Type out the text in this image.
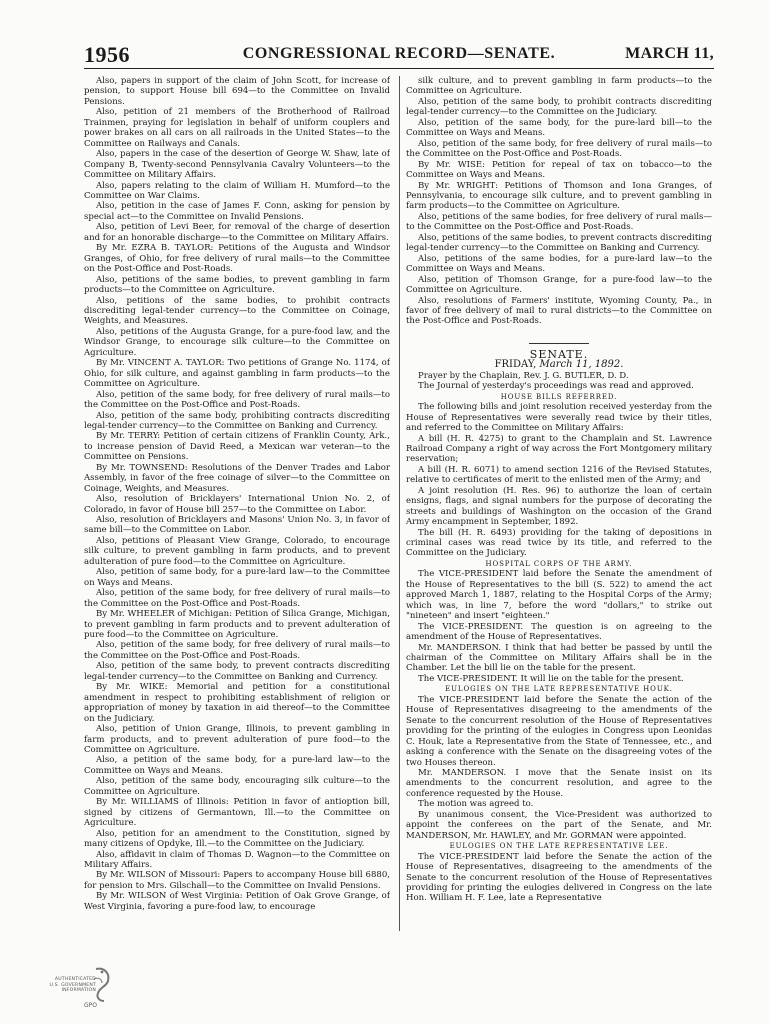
1956	CONGRESSIONAL RECORD—SENATE.	MARCH 11,

Also, papers in support of the claim of John Scott, for increase of pension, to support House bill 694—to the Committee on Invalid Pensions.

Also, petition of 21 members of the Brotherhood of Railroad Trainmen, praying for legislation in behalf of uniform couplers and power brakes on all cars on all railroads in the United States—to the Committee on Railways and Canals.

Also, papers in the case of the desertion of George W. Shaw, late of Company B, Twenty-second Pennsylvania Cavalry Volunteers—to the Committee on Military Affairs.

Also, papers relating to the claim of William H. Mumford—to the Committee on War Claims.

Also, petition in the case of James F. Conn, asking for pension by special act—to the Committee on Invalid Pensions.

Also, petition of Levi Beer, for removal of the charge of desertion and for an honorable discharge—to the Committee on Military Affairs.

By Mr. EZRA B. TAYLOR: Petitions of the Augusta and Windsor Granges, of Ohio, for free delivery of rural mails—to the Committee on the Post-Office and Post-Roads.

Also, petitions of the same bodies, to prevent gambling in farm products—to the Committee on Agriculture.

Also, petitions of the same bodies, to prohibit contracts discrediting legal-tender currency—to the Committee on Coinage, Weights, and Measures.

Also, petitions of the Augusta Grange, for a pure-food law, and the Windsor Grange, to encourage silk culture—to the Committee on Agriculture.

By Mr. VINCENT A. TAYLOR: Two petitions of Grange No. 1174, of Ohio, for silk culture, and against gambling in farm products—to the Committee on Agriculture.

Also, petition of the same body, for free delivery of rural mails—to the Committee on the Post-Office and Post-Roads.

Also, petition of the same body, prohibiting contracts discrediting legal-tender currency—to the Committee on Banking and Currency.

By Mr. TERRY: Petition of certain citizens of Franklin County, Ark., to increase pension of David Reed, a Mexican war veteran—to the Committee on Pensions.

By Mr. TOWNSEND: Resolutions of the Denver Trades and Labor Assembly, in favor of the free coinage of silver—to the Committee on Coinage, Weights, and Measures.

Also, resolution of Bricklayers' International Union No. 2, of Colorado, in favor of House bill 257—to the Committee on Labor.

Also, resolution of Bricklayers and Masons' Union No. 3, in favor of same bill—to the Committee on Labor.

Also, petitions of Pleasant View Grange, Colorado, to encourage silk culture, to prevent gambling in farm products, and to prevent adulteration of pure food—to the Committee on Agriculture.

Also, petition of same body, for a pure-lard law—to the Committee on Ways and Means.

Also, petition of the same body, for free delivery of rural mails—to the Committee on the Post-Office and Post-Roads.

By Mr. WHEELER of Michigan: Petition of Silica Grange, Michigan, to prevent gambling in farm products and to prevent adulteration of pure food—to the Committee on Agriculture.

Also, petition of the same body, for free delivery of rural mails—to the Committee on the Post-Office and Post-Roads.

Also, petition of the same body, to prevent contracts discrediting legal-tender currency—to the Committee on Banking and Currency.

By Mr. WIKE: Memorial and petition for a constitutional amendment in respect to prohibiting establishment of religion or appropriation of money by taxation in aid thereof—to the Committee on the Judiciary.

Also, petition of Union Grange, Illinois, to prevent gambling in farm products, and to prevent adulteration of pure food—to the Committee on Agriculture.

Also, a petition of the same body, for a pure-lard law—to the Committee on Ways and Means.

Also, petition of the same body, encouraging silk culture—to the Committee on Agriculture.

By Mr. WILLIAMS of Illinois: Petition in favor of antioption bill, signed by citizens of Germantown, Ill.—to the Committee on Agriculture.

Also, petition for an amendment to the Constitution, signed by many citizens of Opdyke, Ill.—to the Committee on the Judiciary.

Also, affidavit in claim of Thomas D. Wagnon—to the Committee on Military Affairs.

By Mr. WILSON of Missouri: Papers to accompany House bill 6880, for pension to Mrs. Gilschall—to the Committee on Invalid Pensions.

By Mr. WILSON of West Virginia: Petition of Oak Grove Grange, of West Virginia, favoring a pure-food law, to encourage

silk culture, and to prevent gambling in farm products—to the Committee on Agriculture.

Also, petition of the same body, to prohibit contracts discrediting legal-tender currency—to the Committee on the Judiciary.

Also, petition of the same body, for the pure-lard bill—to the Committee on Ways and Means.

Also, petition of the same body, for free delivery of rural mails—to the Committee on the Post-Office and Post-Roads.

By Mr. WISE: Petition for repeal of tax on tobacco—to the Committee on Ways and Means.

By Mr. WRIGHT: Petitions of Thomson and Iona Granges, of Pennsylvania, to encourage silk culture, and to prevent gambling in farm products—to the Committee on Agriculture.

Also, petitions of the same bodies, for free delivery of rural mails—to the Committee on the Post-Office and Post-Roads.

Also, petitions of the same bodies, to prevent contracts discrediting legal-tender currency—to the Committee on Banking and Currency.

Also, petitions of the same bodies, for a pure-lard law—to the Committee on Ways and Means.

Also, petition of Thomson Grange, for a pure-food law—to the Committee on Agriculture.

Also, resolutions of Farmers' institute, Wyoming County, Pa., in favor of free delivery of mail to rural districts—to the Committee on the Post-Office and Post-Roads.

SENATE.

FRIDAY, March 11, 1892.

Prayer by the Chaplain, Rev. J. G. BUTLER, D. D.

The Journal of yesterday's proceedings was read and approved.

HOUSE BILLS REFERRED.

The following bills and joint resolution received yesterday from the House of Representatives were severally read twice by their titles, and referred to the Committee on Military Affairs:

A bill (H. R. 4275) to grant to the Champlain and St. Lawrence Railroad Company a right of way across the Fort Montgomery military reservation;

A bill (H. R. 6071) to amend section 1216 of the Revised Statutes, relative to certificates of merit to the enlisted men of the Army; and

A joint resolution (H. Res. 96) to authorize the loan of certain ensigns, flags, and signal numbers for the purpose of decorating the streets and buildings of Washington on the occasion of the Grand Army encampment in September, 1892.

The bill (H. R. 6493) providing for the taking of depositions in criminal cases was read twice by its title, and referred to the Committee on the Judiciary.

HOSPITAL CORPS OF THE ARMY.

The VICE-PRESIDENT laid before the Senate the amendment of the House of Representatives to the bill (S. 522) to amend the act approved March 1, 1887, relating to the Hospital Corps of the Army; which was, in line 7, before the word "dollars," to strike out "nineteen" and insert "eighteen."

The VICE-PRESIDENT. The question is on agreeing to the amendment of the House of Representatives.

Mr. MANDERSON. I think that had better be passed by until the chairman of the Committee on Military Affairs shall be in the Chamber. Let the bill lie on the table for the present.

The VICE-PRESIDENT. It will lie on the table for the present.

EULOGIES ON THE LATE REPRESENTATIVE HOUK.

The VICE-PRESIDENT laid before the Senate the action of the House of Representatives disagreeing to the amendments of the Senate to the concurrent resolution of the House of Representatives providing for the printing of the eulogies in Congress upon Leonidas C. Houk, late a Representative from the State of Tennessee, etc., and asking a conference with the Senate on the disagreeing votes of the two Houses thereon.

Mr. MANDERSON. I move that the Senate insist on its amendments to the concurrent resolution, and agree to the conference requested by the House.

The motion was agreed to.

By unanimous consent, the Vice-President was authorized to appoint the conferees on the part of the Senate, and Mr. MANDERSON, Mr. HAWLEY, and Mr. GORMAN were appointed.

EULOGIES ON THE LATE REPRESENTATIVE LEE.

The VICE-PRESIDENT laid before the Senate the action of the House of Representatives, disagreeing to the amendments of the Senate to the concurrent resolution of the House of Representatives providing for printing the eulogies delivered in Congress on the late Hon. William H. F. Lee, late a Representative

AUTHENTICATED
U.S. GOVERNMENT
INFORMATION
GPO
